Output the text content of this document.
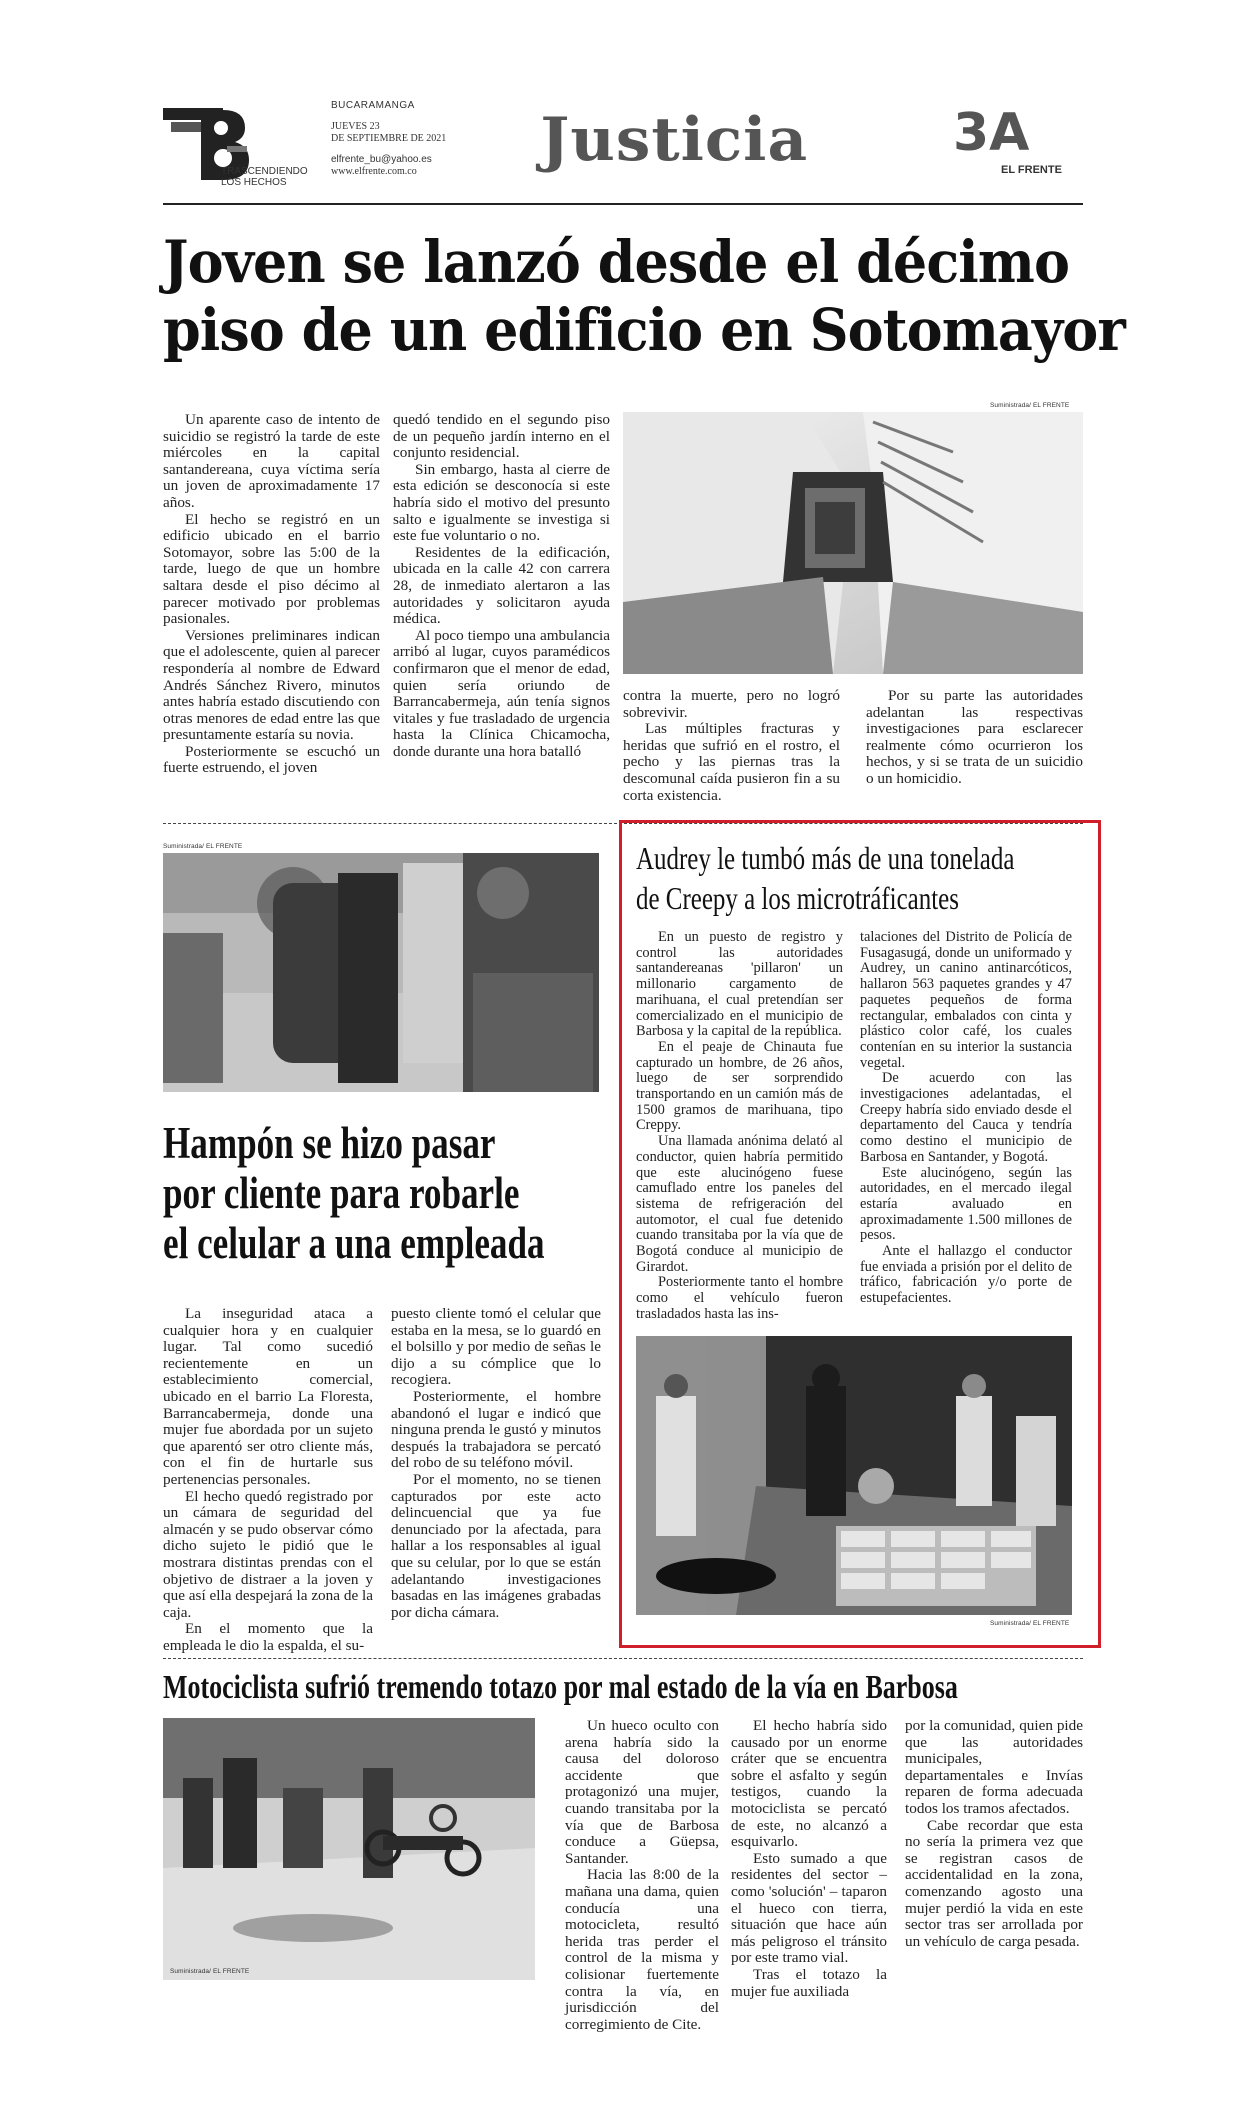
TRASCENDIENDO
LOS HECHOS
BUCARAMANGA
JUEVES 23
DE SEPTIEMBRE DE 2021
elfrente_bu@yahoo.es
www.elfrente.com.co	Justicia	3A
EL FRENTE
Joven se lanzó desde el décimo
piso de un edificio en Sotomayor

Un aparente caso de intento de suicidio se registró la tarde de este miércoles en la capital santandereana, cuya víctima sería un joven de aproximadamente 17 años.

El hecho se registró en un edificio ubicado en el barrio Sotomayor, sobre las 5:00 de la tarde, luego de que un hombre saltara desde el piso décimo al parecer motivado por problemas pasionales.

Versiones preliminares indican que el adolescente, quien al parecer respondería al nombre de Edward Andrés Sánchez Rivero, minutos antes habría estado discutiendo con otras menores de edad entre las que presuntamente estaría su novia.

Posteriormente se escuchó un fuerte estruendo, el joven

quedó tendido en el segundo piso de un pequeño jardín interno en el conjunto residencial.

Sin embargo, hasta al cierre de esta edición se desconocía si este habría sido el motivo del presunto salto e igualmente se investiga si este fue voluntario o no.

Residentes de la edificación, ubicada en la calle 42 con carrera 28, de inmediato alertaron a las autoridades y solicitaron ayuda médica.

Al poco tiempo una ambulancia arribó al lugar, cuyos paramédicos confirmaron que el menor de edad, quien sería oriundo de Barrancabermeja, aún tenía signos vitales y fue trasladado de urgencia hasta la Clínica Chicamocha, donde durante una hora batalló

Suministrada/ EL FRENTE

contra la muerte, pero no logró sobrevivir.

Las múltiples fracturas y heridas que sufrió en el rostro, el pecho y las piernas tras la descomunal caída pusieron fin a su corta existencia.

Por su parte las autoridades adelantan las respectivas investigaciones para esclarecer realmente cómo ocurrieron los hechos, y si se trata de un suicidio o un homicidio.

Suministrada/ EL FRENTE
Hampón se hizo pasar
por cliente para robarle
el celular a una empleada

La inseguridad ataca a cualquier hora y en cualquier lugar. Tal como sucedió recientemente en un establecimiento comercial, ubicado en el barrio La Floresta, Barrancabermeja, donde una mujer fue abordada por un sujeto que aparentó ser otro cliente más, con el fin de hurtarle sus pertenencias personales.

El hecho quedó registrado por un cámara de seguridad del almacén y se pudo observar cómo dicho sujeto le pidió que le mostrara distintas prendas con el objetivo de distraer a la joven y que así ella despejará la zona de la caja.

En el momento que la empleada le dio la espalda, el su-

puesto cliente tomó el celular que estaba en la mesa, se lo guardó en el bolsillo y por medio de señas le dijo a su cómplice que lo recogiera.

Posteriormente, el hombre abandonó el lugar e indicó que ninguna prenda le gustó y minutos después la trabajadora se percató del robo de su teléfono móvil.

Por el momento, no se tienen capturados por este acto delincuencial que ya fue denunciado por la afectada, para hallar a los responsables al igual que su celular, por lo que se están adelantando investigaciones basadas en las imágenes grabadas por dicha cámara.

Audrey le tumbó más de una tonelada
de Creepy a los microtráficantes

En un puesto de registro y control las autoridades santandereanas 'pillaron' un millonario cargamento de marihuana, el cual pretendían ser comercializado en el municipio de Barbosa y la capital de la república.

En el peaje de Chinauta fue capturado un hombre, de 26 años, luego de ser sorprendido transportando en un camión más de 1500 gramos de marihuana, tipo Creppy.

Una llamada anónima delató al conductor, quien habría permitido que este alucinógeno fuese camuflado entre los paneles del sistema de refrigeración del automotor, el cual fue detenido cuando transitaba por la vía que de Bogotá conduce al municipio de Girardot.

Posteriormente tanto el hombre como el vehículo fueron trasladados hasta las ins-

talaciones del Distrito de Policía de Fusagasugá, donde un uniformado y Audrey, un canino antinarcóticos, hallaron 563 paquetes grandes y 47 paquetes pequeños de forma rectangular, embalados con cinta y plástico color café, los cuales contenían en su interior la sustancia vegetal.

De acuerdo con las investigaciones adelantadas, el Creepy habría sido enviado desde el departamento del Cauca y tendría como destino el municipio de Barbosa en Santander, y Bogotá.

Este alucinógeno, según las autoridades, en el mercado ilegal estaría avaluado en aproximadamente 1.500 millones de pesos.

Ante el hallazgo el conductor fue enviada a prisión por el delito de tráfico, fabricación y/o porte de estupefacientes.

Suministrada/ EL FRENTE
Motociclista sufrió tremendo totazo por mal estado de la vía en Barbosa
Suministrada/ EL FRENTE

Un hueco oculto con arena habría sido la causa del doloroso accidente que protagonizó una mujer, cuando transitaba por la vía que de Barbosa conduce a Güepsa, Santander.

Hacia las 8:00 de la mañana una dama, quien conducía una motocicleta, resultó herida tras perder el control de la misma y colisionar fuertemente contra la vía, en jurisdicción del corregimiento de Cite.

El hecho habría sido causado por un enorme cráter que se encuentra sobre el asfalto y según testigos, cuando la motociclista se percató de este, no alcanzó a esquivarlo.

Esto sumado a que residentes del sector – como 'solución' – taparon el hueco con tierra, situación que hace aún más peligroso el tránsito por este tramo vial.

Tras el totazo la mujer fue auxiliada

por la comunidad, quien pide que las autoridades municipales, departamentales e Invías reparen de forma adecuada todos los tramos afectados.

Cabe recordar que esta no sería la primera vez que se registran casos de accidentalidad en la zona, comenzando agosto una mujer perdió la vida en este sector tras ser arrollada por un vehículo de carga pesada.
